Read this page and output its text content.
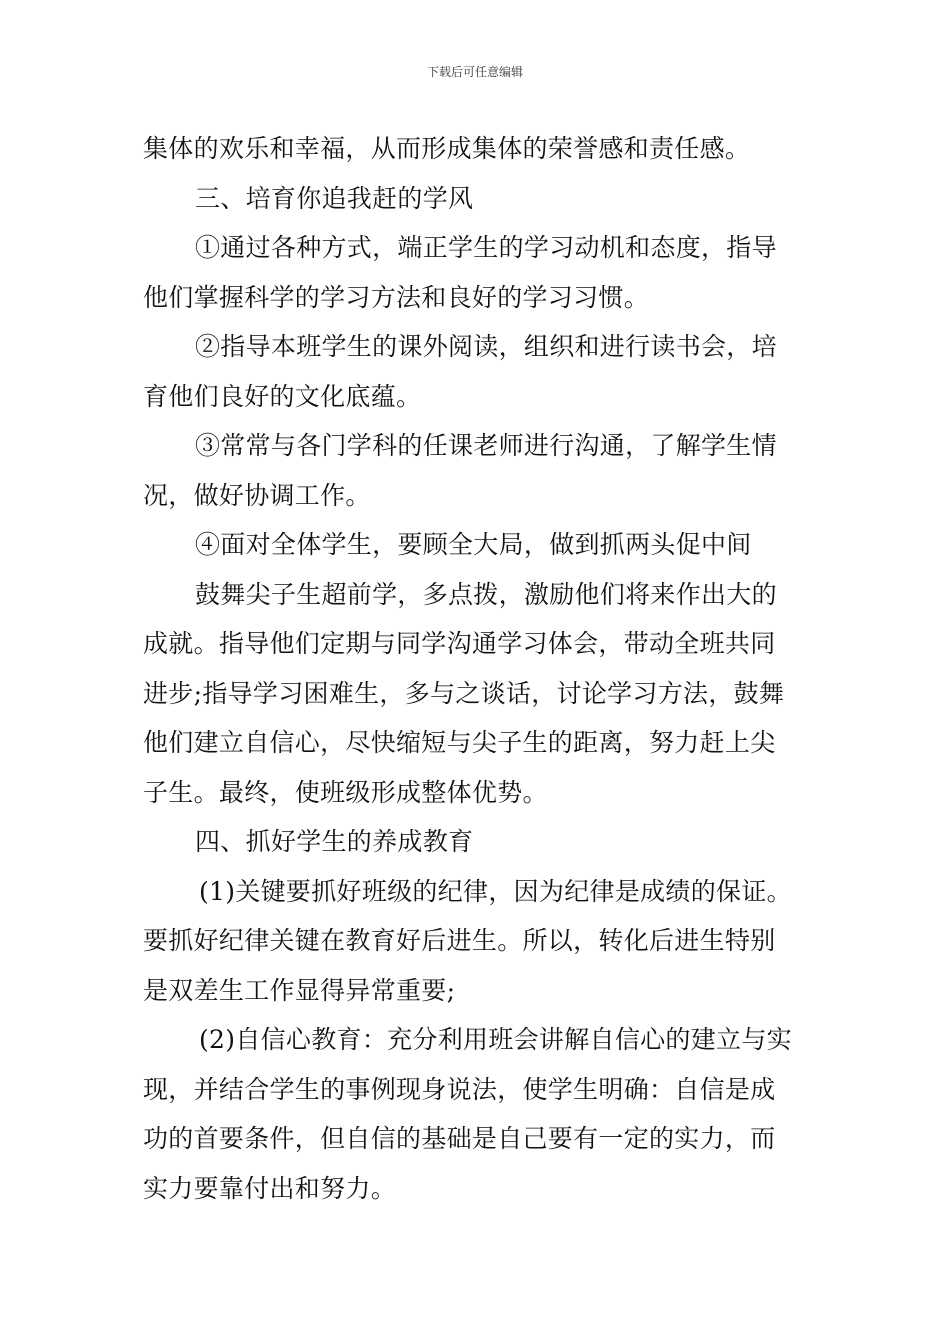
下载后可任意编辑
集体的欢乐和幸福，从而形成集体的荣誉感和责任感。
三、培育你追我赶的学风
①通过各种方式，端正学生的学习动机和态度，指导
他们掌握科学的学习方法和良好的学习习惯。
②指导本班学生的课外阅读，组织和进行读书会，培
育他们良好的文化底蕴。
③常常与各门学科的任课老师进行沟通，了解学生情
况，做好协调工作。
④面对全体学生，要顾全大局，做到抓两头促中间
鼓舞尖子生超前学，多点拨，激励他们将来作出大的
成就。指导他们定期与同学沟通学习体会，带动全班共同
进步;指导学习困难生，多与之谈话，讨论学习方法，鼓舞
他们建立自信心，尽快缩短与尖子生的距离，努力赶上尖
子生。最终，使班级形成整体优势。
四、抓好学生的养成教育
(1)关键要抓好班级的纪律，因为纪律是成绩的保证。
要抓好纪律关键在教育好后进生。所以，转化后进生特别
是双差生工作显得异常重要;
(2)自信心教育：充分利用班会讲解自信心的建立与实
现，并结合学生的事例现身说法，使学生明确：自信是成
功的首要条件，但自信的基础是自己要有一定的实力，而
实力要靠付出和努力。
